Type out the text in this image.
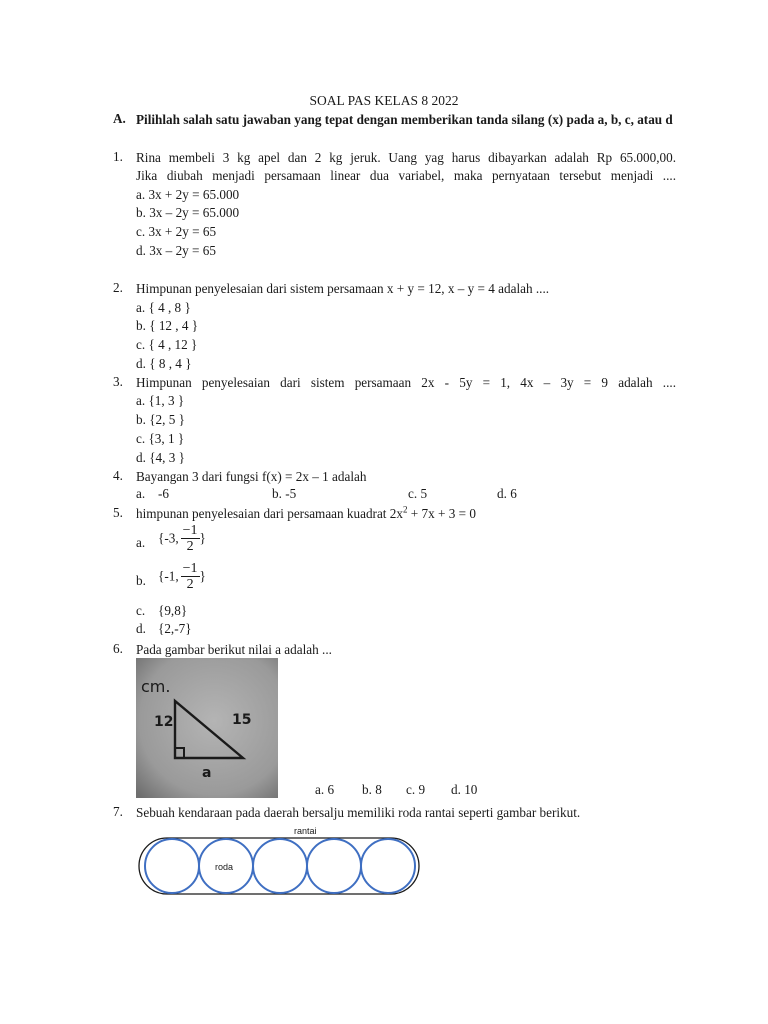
SOAL PAS KELAS 8 2022
A. Pilihlah salah satu jawaban yang tepat dengan memberikan tanda silang (x) pada a, b, c, atau d
1. Rina membeli 3 kg apel dan 2 kg jeruk. Uang yag harus dibayarkan adalah Rp 65.000,00.
Jika diubah menjadi persamaan linear dua variabel, maka pernyataan tersebut menjadi ....
a. 3x + 2y = 65.000
b. 3x – 2y = 65.000
c. 3x + 2y = 65
d. 3x – 2y = 65
2. Himpunan penyelesaian dari sistem persamaan x + y = 12, x – y = 4 adalah ....
a. { 4 , 8 }
b. { 12 , 4 }
c. { 4 , 12 }
d. { 8 , 4 }
3. Himpunan penyelesaian dari sistem persamaan 2x - 5y = 1, 4x – 3y = 9 adalah ....
a. {1, 3 }
b. {2, 5 }
c. {3, 1 }
d. {4, 3 }
4. Bayangan 3 dari fungsi f(x) = 2x – 1 adalah
a. -6	b. -5	c. 5	d. 6
5. himpunan penyelesaian dari persamaan kuadrat $2x^2 + 7x + 3 = 0$
a. {-3, $\frac{-1}{2}$ }
b. {-1, $\frac{-1}{2}$ }
c. {9,8}
d. {2,-7}
6. Pada gambar berikut nilai a adalah ...
cm.
12	15
a
a. 6 b. 8 c. 9 d. 10
7. Sebuah kendaraan pada daerah bersalju memiliki roda rantai seperti gambar berikut.
rantai
roda
